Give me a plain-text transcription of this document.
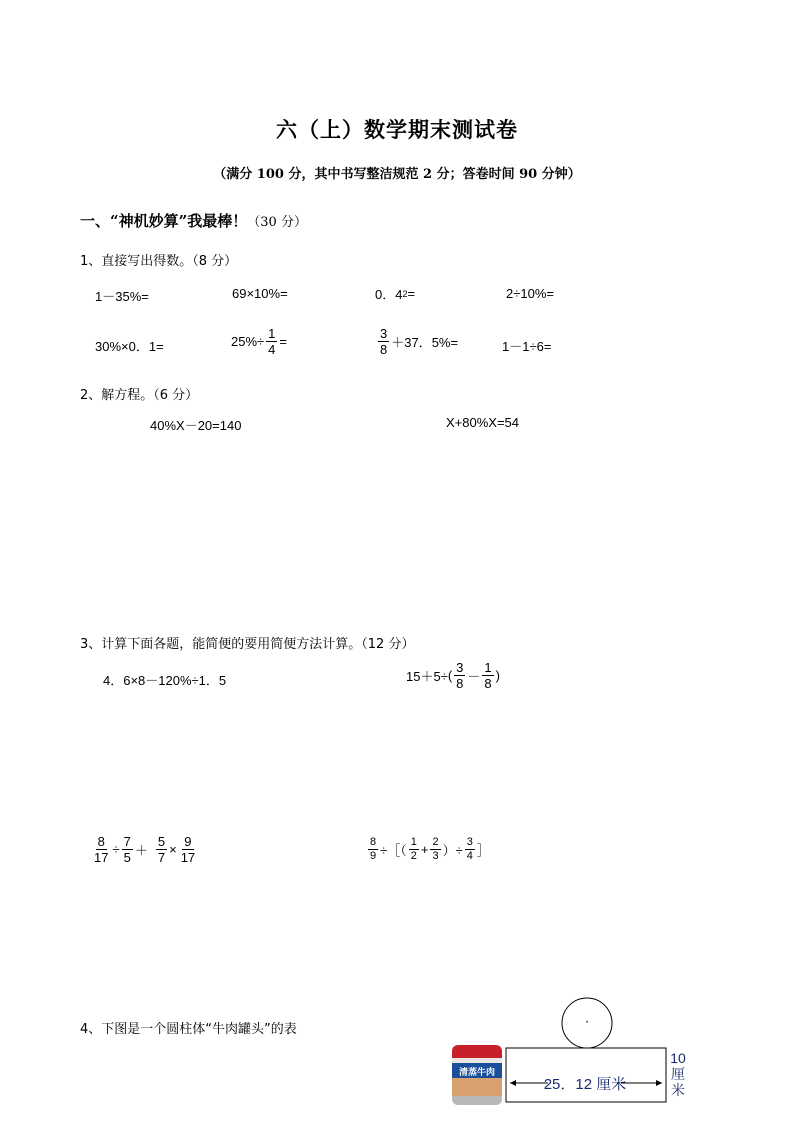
六（上）数学期末测试卷
（满分 100 分，其中书写整洁规范 2 分；答卷时间 90 分钟）
一、“神机妙算”我最棒！（30 分）
1、直接写出得数。（8 分）
1－35%=	69×10%=	0．4 2 =	2÷10%=
30%×0．1=	$25\%\div \frac{1}{4}$ =	$\frac{3}{8} +37$．5%=	1－1÷6=
2、解方程。（6 分）
40%X－20=140	X+80%X=54
3、计算下面各题，能简便的要用简便方法计算。（12 分）
4．6×8－120%÷1．5	15＋5÷ ( $\frac{3}{8} - \frac{1}{8}$ )
$\frac{8}{17} \div \frac{7}{5} + \frac{5}{7} \times \frac{9}{17}$	$\frac{8}{9}$ ÷［（ $\frac{1}{2} + \frac{2}{3}$ ）÷ $\frac{3}{4}$ ］
4、下图是一个圆柱体“牛肉罐头”的表	·
25．12 厘米
10
厘
米
清蒸牛肉
